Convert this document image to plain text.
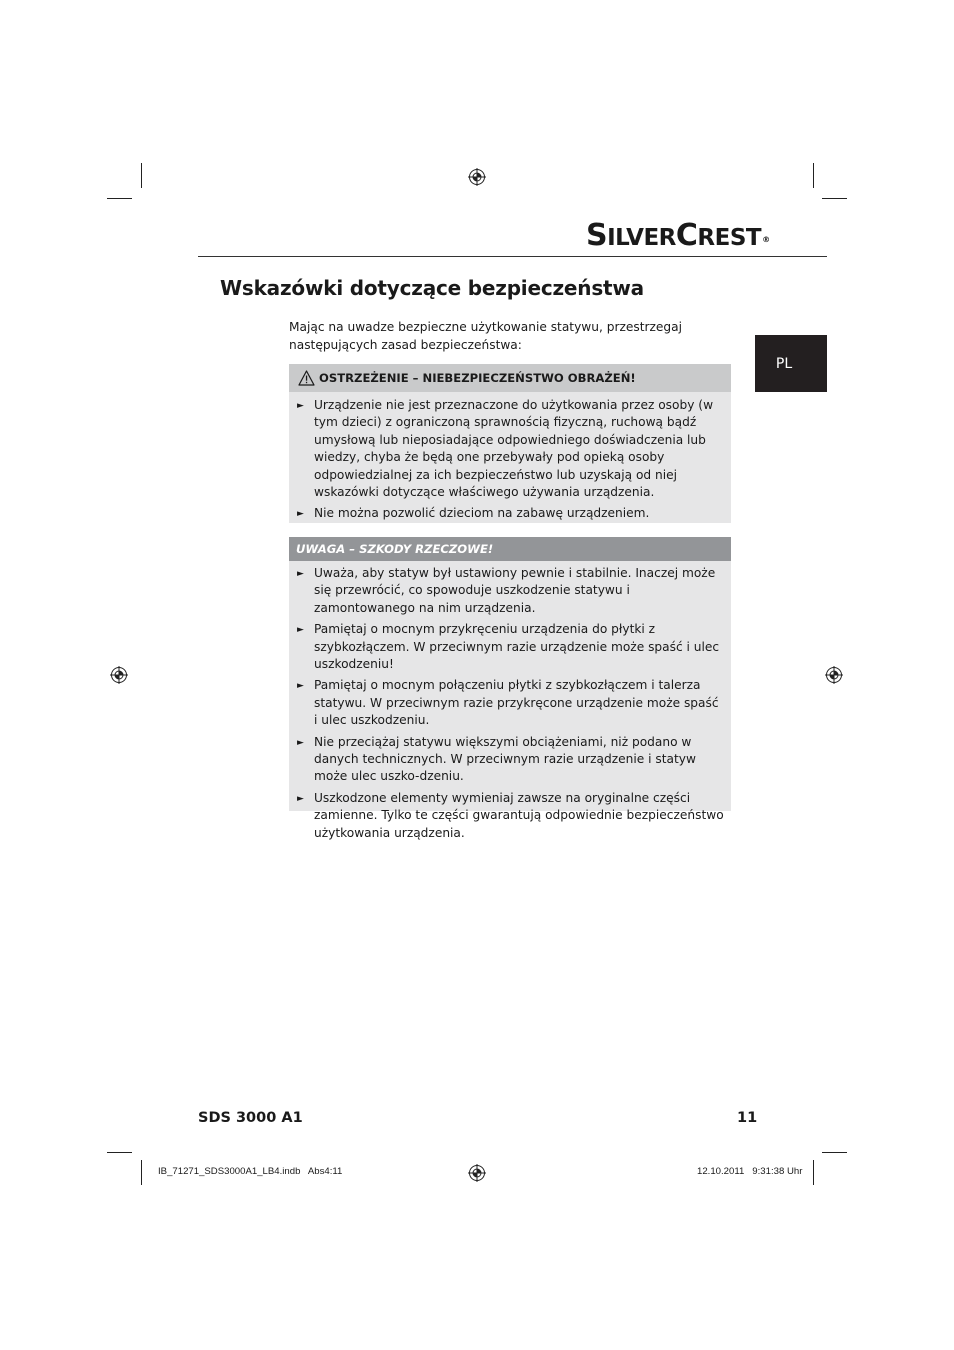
SILVERCREST®
Wskazówki dotyczące bezpieczeństwa
PL

Mając na uwadze bezpieczne użytkowanie statywu, przestrzegaj następujących zasad bezpieczeństwa:

OSTRZEŻENIE – NIEBEZPIECZEŃSTWO OBRAŻEŃ!
► Urządzenie nie jest przeznaczone do użytkowania przez osoby (w tym dzieci) z ograniczoną sprawnością fizyczną, ruchową bądź umysłową lub nieposiadające odpowiedniego doświadczenia lub wiedzy, chyba że będą one przebywały pod opieką osoby odpowiedzialnej za ich bezpieczeństwo lub uzyskają od niej wskazówki dotyczące właściwego używania urządzenia.
► Nie można pozwolić dzieciom na zabawę urządzeniem.
UWAGA – SZKODY RZECZOWE!
► Uważa, aby statyw był ustawiony pewnie i stabilnie. Inaczej może się przewrócić, co spowoduje uszkodzenie statywu i zamontowanego na nim urządzenia.
► Pamiętaj o mocnym przykręceniu urządzenia do płytki z szybkozłączem. W przeciwnym razie urządzenie może spaść i ulec uszkodzeniu!
► Pamiętaj o mocnym połączeniu płytki z szybkozłączem i talerza statywu. W przeciwnym razie przykręcone urządzenie może spaść i ulec uszkodzeniu.
► Nie przeciążaj statywu większymi obciążeniami, niż podano w danych technicznych. W przeciwnym razie urządzenie i statyw może ulec uszko-dzeniu.
► Uszkodzone elementy wymieniaj zawsze na oryginalne części zamienne. Tylko te części gwarantują odpowiednie bezpieczeństwo użytkowania urządzenia.
SDS 3000 A1	11
IB_71271_SDS3000A1_LB4.indb   Abs4:11	12.10.2011   9:31:38 Uhr
